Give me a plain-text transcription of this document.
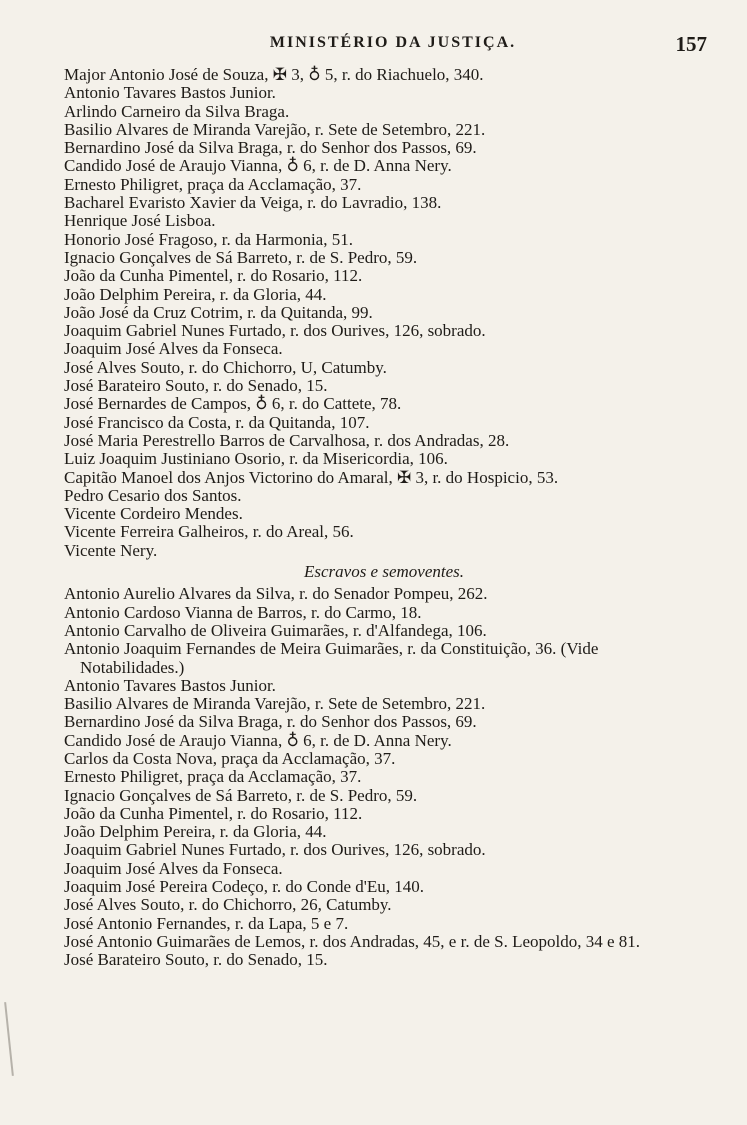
MINISTÉRIO DA JUSTIÇA.	157
Major Antonio José de Souza, ✠ 3, ♁ 5, r. do Riachuelo, 340.
Antonio Tavares Bastos Junior.
Arlindo Carneiro da Silva Braga.
Basilio Alvares de Miranda Varejão, r. Sete de Setembro, 221.
Bernardino José da Silva Braga, r. do Senhor dos Passos, 69.
Candido José de Araujo Vianna, ♁ 6, r. de D. Anna Nery.
Ernesto Philigret, praça da Acclamação, 37.
Bacharel Evaristo Xavier da Veiga, r. do Lavradio, 138.
Henrique José Lisboa.
Honorio José Fragoso, r. da Harmonia, 51.
Ignacio Gonçalves de Sá Barreto, r. de S. Pedro, 59.
João da Cunha Pimentel, r. do Rosario, 112.
João Delphim Pereira, r. da Gloria, 44.
João José da Cruz Cotrim, r. da Quitanda, 99.
Joaquim Gabriel Nunes Furtado, r. dos Ourives, 126, sobrado.
Joaquim José Alves da Fonseca.
José Alves Souto, r. do Chichorro, U, Catumby.
José Barateiro Souto, r. do Senado, 15.
José Bernardes de Campos, ♁ 6, r. do Cattete, 78.
José Francisco da Costa, r. da Quitanda, 107.
José Maria Perestrello Barros de Carvalhosa, r. dos Andradas, 28.
Luiz Joaquim Justiniano Osorio, r. da Misericordia, 106.
Capitão Manoel dos Anjos Victorino do Amaral, ✠ 3, r. do Hospicio, 53.
Pedro Cesario dos Santos.
Vicente Cordeiro Mendes.
Vicente Ferreira Galheiros, r. do Areal, 56.
Vicente Nery.
Escravos e semoventes.
Antonio Aurelio Alvares da Silva, r. do Senador Pompeu, 262.
Antonio Cardoso Vianna de Barros, r. do Carmo, 18.
Antonio Carvalho de Oliveira Guimarães, r. d'Alfandega, 106.
Antonio Joaquim Fernandes de Meira Guimarães, r. da Constituição, 36. (Vide Notabilidades.)
Antonio Tavares Bastos Junior.
Basilio Alvares de Miranda Varejão, r. Sete de Setembro, 221.
Bernardino José da Silva Braga, r. do Senhor dos Passos, 69.
Candido José de Araujo Vianna, ♁ 6, r. de D. Anna Nery.
Carlos da Costa Nova, praça da Acclamação, 37.
Ernesto Philigret, praça da Acclamação, 37.
Ignacio Gonçalves de Sá Barreto, r. de S. Pedro, 59.
João da Cunha Pimentel, r. do Rosario, 112.
João Delphim Pereira, r. da Gloria, 44.
Joaquim Gabriel Nunes Furtado, r. dos Ourives, 126, sobrado.
Joaquim José Alves da Fonseca.
Joaquim José Pereira Codeço, r. do Conde d'Eu, 140.
José Alves Souto, r. do Chichorro, 26, Catumby.
José Antonio Fernandes, r. da Lapa, 5 e 7.
José Antonio Guimarães de Lemos, r. dos Andradas, 45, e r. de S. Leopoldo, 34 e 81.
José Barateiro Souto, r. do Senado, 15.
